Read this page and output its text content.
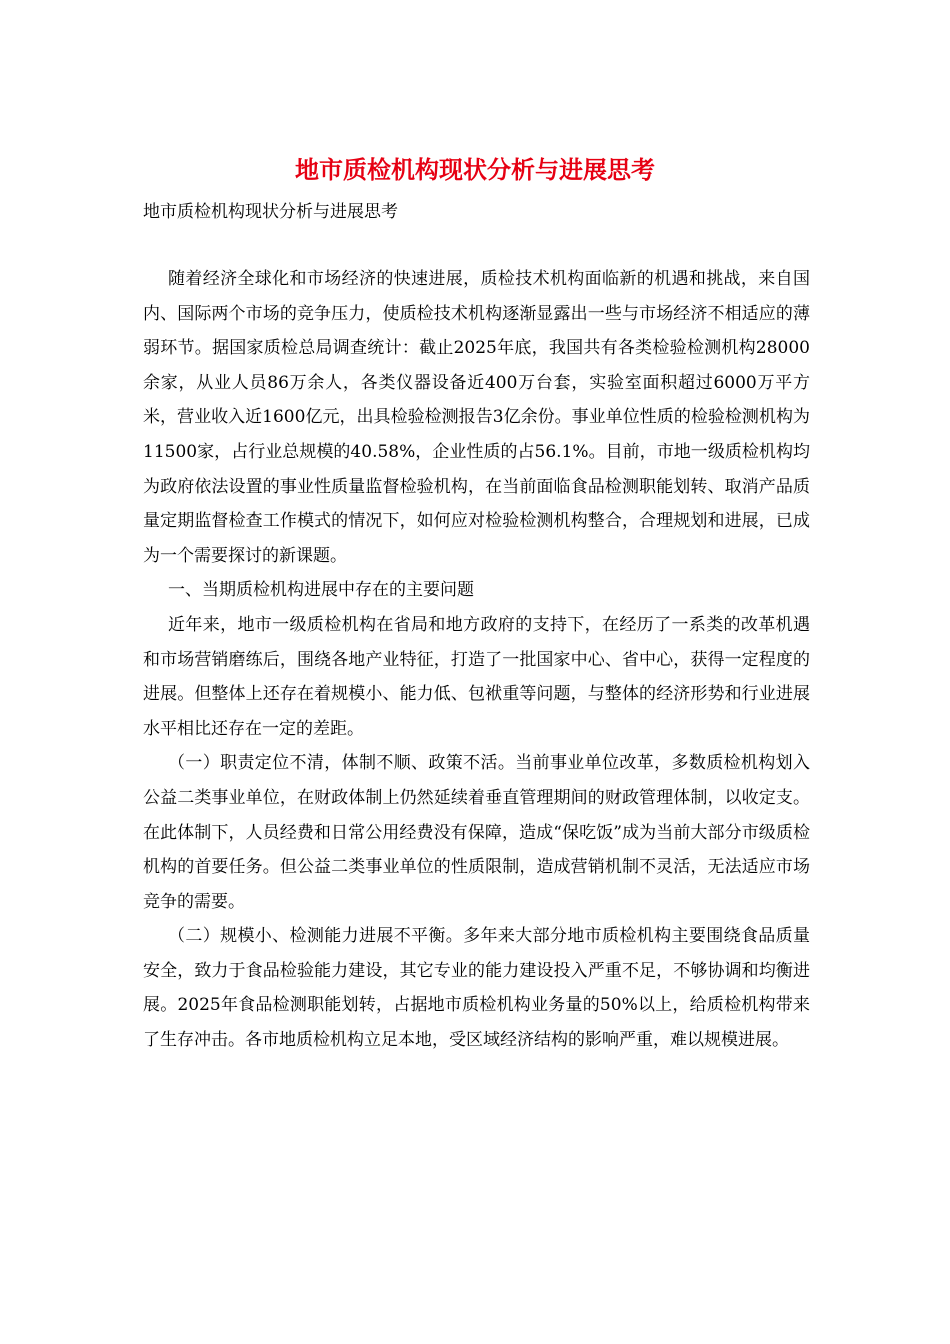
地市质检机构现状分析与进展思考

地市质检机构现状分析与进展思考

随着经济全球化和市场经济的快速进展，质检技术机构面临新的机遇和挑战，来自国内、国际两个市场的竞争压力，使质检技术机构逐渐显露出一些与市场经济不相适应的薄弱环节。据国家质检总局调查统计：截止2025年底，我国共有各类检验检测机构28000余家，从业人员86万余人，各类仪器设备近400万台套，实验室面积超过6000万平方米，营业收入近1600亿元，出具检验检测报告3亿余份。事业单位性质的检验检测机构为11500家，占行业总规模的40.58%，企业性质的占56.1%。目前，市地一级质检机构均为政府依法设置的事业性质量监督检验机构，在当前面临食品检测职能划转、取消产品质量定期监督检查工作模式的情况下，如何应对检验检测机构整合，合理规划和进展，已成为一个需要探讨的新课题。

一、当期质检机构进展中存在的主要问题

近年来，地市一级质检机构在省局和地方政府的支持下，在经历了一系类的改革机遇和市场营销磨练后，围绕各地产业特征，打造了一批国家中心、省中心，获得一定程度的进展。但整体上还存在着规模小、能力低、包袱重等问题，与整体的经济形势和行业进展水平相比还存在一定的差距。

（一）职责定位不清，体制不顺、政策不活。当前事业单位改革，多数质检机构划入公益二类事业单位，在财政体制上仍然延续着垂直管理期间的财政管理体制，以收定支。在此体制下，人员经费和日常公用经费没有保障，造成“保吃饭”成为当前大部分市级质检机构的首要任务。但公益二类事业单位的性质限制，造成营销机制不灵活，无法适应市场竞争的需要。

（二）规模小、检测能力进展不平衡。多年来大部分地市质检机构主要围绕食品质量安全，致力于食品检验能力建设，其它专业的能力建设投入严重不足，不够协调和均衡进展。2025年食品检测职能划转，占据地市质检机构业务量的50%以上，给质检机构带来了生存冲击。各市地质检机构立足本地，受区域经济结构的影响严重，难以规模进展。
